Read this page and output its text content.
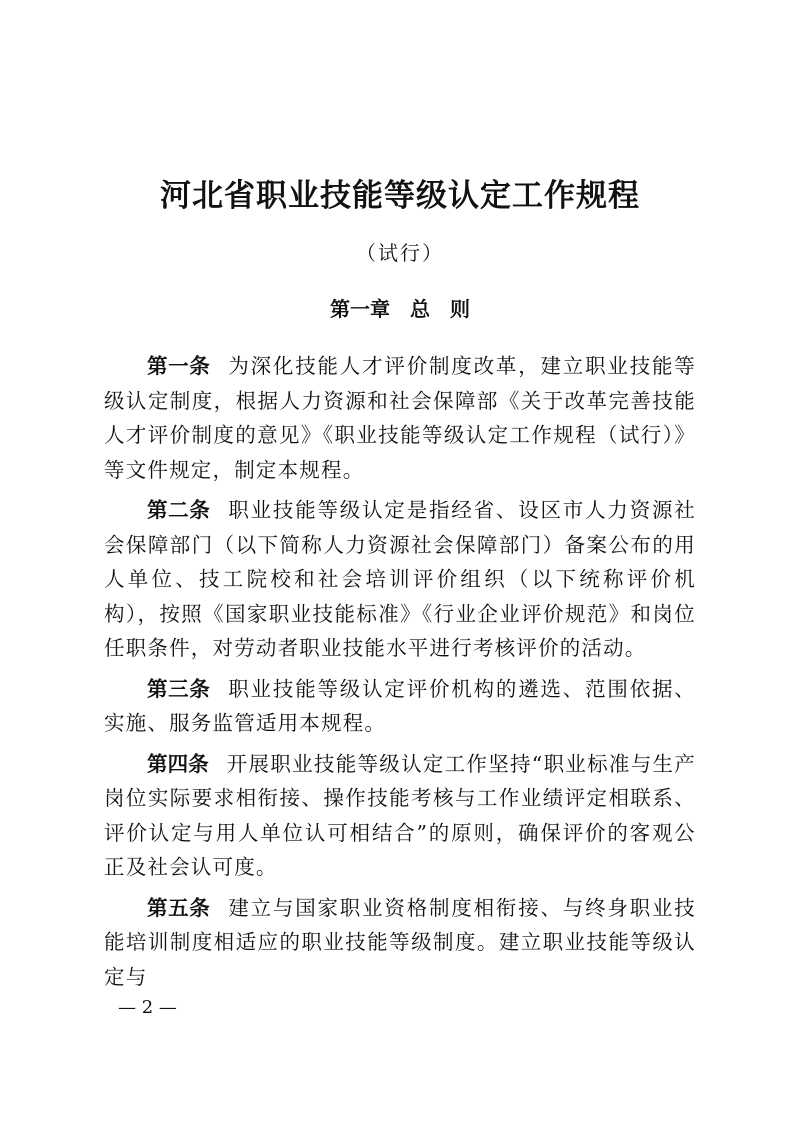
河北省职业技能等级认定工作规程
（试行）
第一章　总　则

第一条 为深化技能人才评价制度改革，建立职业技能等级认定制度，根据人力资源和社会保障部《关于改革完善技能人才评价制度的意见》《职业技能等级认定工作规程（试行）》等文件规定，制定本规程。

第二条 职业技能等级认定是指经省、设区市人力资源社会保障部门（以下简称人力资源社会保障部门）备案公布的用人单位、技工院校和社会培训评价组织（以下统称评价机构），按照《国家职业技能标准》《行业企业评价规范》和岗位任职条件，对劳动者职业技能水平进行考核评价的活动。

第三条 职业技能等级认定评价机构的遴选、范围依据、实施、服务监管适用本规程。

第四条 开展职业技能等级认定工作坚持“职业标准与生产岗位实际要求相衔接、操作技能考核与工作业绩评定相联系、评价认定与用人单位认可相结合”的原则，确保评价的客观公正及社会认可度。

第五条 建立与国家职业资格制度相衔接、与终身职业技能培训制度相适应的职业技能等级制度。建立职业技能等级认定与

— 2 —
